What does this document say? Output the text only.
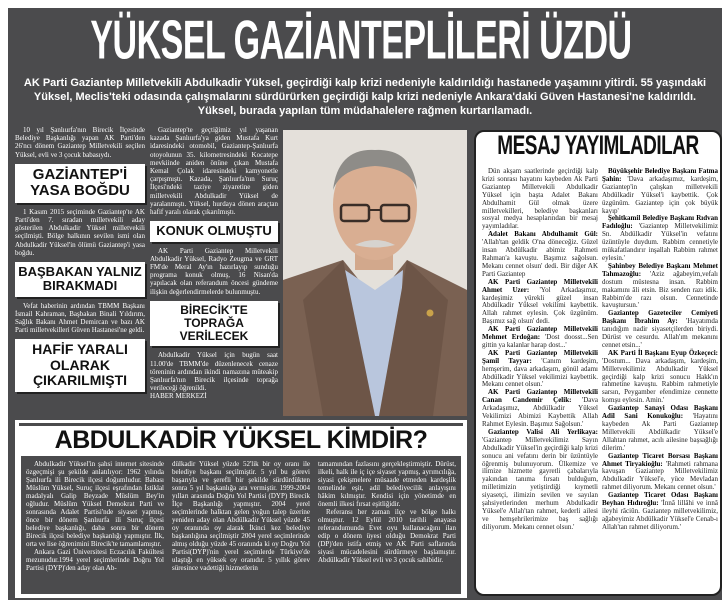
YÜKSEL GAZİANTEPLİLERİ ÜZDÜ

AK Parti Gaziantep Milletvekili Abdulkadir Yüksel, geçirdiği kalp krizi nedeniyle kaldırıldığı hastanede yaşamını yitirdi. 55 yaşındaki Yüksel, Meclis'teki odasında çalışmalarını sürdürürken geçirdiği kalp krizi nedeniyle Ankara'daki Güven Hastanesi'ne kaldırıldı. Yüksel, burada yapılan tüm müdahalelere rağmen kurtarılamadı.

10 yıl Şanlıurfa'nın Birecik İlçesinde Belediye Başkanlığı yapan AK Parti'den 26'ncı dönem Gaziantep Milletvekili seçilen Yüksel, evli ve 3 çocuk babasıydı.

GAZİANTEP'İ YASA BOĞDU

1 Kasım 2015 seçiminde Gaziantep'te AK Parti'den 7. sıradan milletvekili aday gösterilen Abdulkadir Yüksel milletvekili seçilmişti. Bölge halkının sevilen ismi olan Abdulkadir Yüksel'in ölümü Gaziantep'i yasa boğdu.

BAŞBAKAN YALNIZ BIRAKMADI

Vefat haberinin ardından TBMM Başkanı İsmail Kahraman, Başbakan Binali Yıldırım, Sağlık Bakanı Ahmet Demircan ve bazı AK Parti milletvekilleri Güven Hastanesi'ne geldi.

HAFİF YARALI OLARAK ÇIKARILMIŞTI

Gaziantep'te geçtiğimiz yıl yaşanan kazada Şanlıurfa'ya giden Mustafa Kurt idaresindeki otomobil, Gaziantep-Şanlıurfa otoyolunun 35. kilometresindeki Kocatepe mevkiinde aniden önüne çıkan Mustafa Kemal Çolak idaresindeki kamyonetle çarpışmıştı. Kazada, Şanlıurfa'nın Suruç İlçesi'ndeki taziye ziyaretine giden milletvekili Abdulkadir Yüksel de yaralanmıştı. Yüksel, hurdaya dönen araçtan hafif yaralı olarak çıkarılmıştı.

KONUK OLMUŞTU

AK Parti Gaziantep Milletvekili Abdulkadir Yüksel, Radyo Zeugma ve GRT FM'de Meral Ay'ın hazırlayıp sunduğu programa konuk olmuş, 16 Nisan'da yapılacak olan referandum öncesi gündeme ilişkin değerlendirmelerde bulunmuştu.

BİRECİK'TE TOPRAĞA VERİLECEK

Abdulkadir Yüksel için bugün saat 11.00'de TBMM'de düzenlenecek cenaze töreninin ardından ikindi namazına müteakip Şanlıurfa'nın Birecik ilçesinde toprağa verileceği öğrenildi.

HABER MERKEZİ

MESAJ YAYIMLADILAR

Dün akşam saatlerinde geçirdiği kalp krizi sonrası hayatını kaybeden Ak Parti Gaziantep Milletvekili Abdulkadir Yüksel için başta Adalet Bakanı Abdulhamit Gül olmak üzere milletvekilleri, belediye başkanları sosyal medya hesaplarından bir mesaj yayımladılar.

Adalet Bakanı Abdulhamit Gül: 'Allah'tan geldik O'na döneceğiz. Güzel insan Abdülkadir abimiz Rahmeti Rahman'a kavuştu. Başımız sağolsun. Mekanı cennet olsun' dedi. Bir diğer AK Parti Gaziantep

AK Parti Gaziantep Milletvekili Ahmet Uzer: 'Yol Arkadaşımız, kardeşimiz yürekli güzel insan Abdülkadir Yüksel vekilimi kaybettik. Allah rahmet eylesin. Çok üzgünüm. Başımız sağ olsun' dedi.

AK Parti Gaziantep Milletvekili Mehmet Erdoğan: 'Dost doosst...Sen gittin ya kalanlar harap dost...'

AK Parti Gaziantep Milletvekili Şamil Tayyar: 'Canım kardeşim, hemşerim, dava arkadaşım, gönül adamı Abdülkadir Yüksel vekilimizi kaybettik. Mekanı cennet olsun.'

AK Parti Gaziantep Milletvekili Canan Candemir Çelik: 'Dava Arkadaşımız, Abdülkadir Yüksel Vekilimizi Abimizi Kaybettik Allah Rahmet Eylesin. Başımız Sağolsun.'

Gaziantep Valisi Ali Yerlikaya: 'Gaziantep Milletvekilimiz Sayın Abdulkadir Yüksel'in geçirdiği kalp krizi sonucu ani vefatını derin bir üzüntüyle öğrenmiş bulunuyorum. Ülkemize ve ilimize hizmette gayretli çabalarıyla yakından tanıma fırsatı bulduğum, milletimizin yetiştirdiği kıymetli siyasetçi, ilimizin sevilen ve sayılan şahsiyetlerinden merhum Abdulkadir Yüksel'e Allah'tan rahmet, kederli ailesi ve hemşehrilerimize baş sağlığı diliyorum. Mekanı cennet olsun.'

Büyükşehir Belediye Başkanı Fatma Şahin: 'Dava arkadaşımız, kardeşim, Gaziantep'in çalışkan milletvekili Abdülkadir Yüksel'i kaybettik. Çok üzgünüm. Gaziantep için çok büyük kayıp'

Şehitkamil Belediye Başkanı Rıdvan Fadıloğlu: 'Gaziantep Milletvekilimiz Sn. Abdülkadir Yüksel'in vefatını üzüntüyle duydum. Rabbim cennetiyle mükafatlandırır inşallah Rabbim rahmet eylesin.'

Şahinbey Belediye Başkanı Mehmet Tahmazoğlu: 'Aziz ağabeyim,vefalı dostum müstesna insan. Rabbim makamını âli etsin. Biz senden razı idik. Rabbim'de razı olsun. Cennetinde kavuştursun.'

Gaziantep Gazeteciler Cemiyeti Başkanı İbrahim Ay: 'Hayatımda tanıdığım nadir siyasetçilerden biriydi. Dürüst ve cesurdu. Allah'ım mekanını cennet etsin...'

AK Parti İl Başkanı Eyup Özkeçeci: 'Dostum... Dava arkadaşım, kardeşim, Milletvekilimiz Abdulkadir Yüksel geçirdiği kalp krizi sonucu Hakk'ın rahmetine kavuştu. Rabbim rahmetiyle sarsın, Peygamber efendimize cennette komşu eylesin. Amin.'

Gaziantep Sanayi Odası Başkanı Adil Sani Konukoğlu: 'Hayatını kaybeden Ak Parti Gaziantep Milletvekili Abdülkadir Yüksel'e Allahtan rahmet, acılı ailesine başsağlığı dilerim.'

Gaziantep Ticaret Borsası Başkanı Ahmet Tiryakioğlu: 'Rahmeti rahmana kavuşan Gaziantep Milletvekilimiz Abdulkadir Yüksel'e, yüce Mevladan rahmet diliyorum. Mekanı cennet olsun.'

Gaziantep Ticaret Odası Başkanı Beyhan Hıdıroğlu: 'İnnâ lillâhi ve innâ ileyhi râciûn. Gaziantep milletvekilimiz, ağabeyimiz Abdülkadir Yüksel'e Cenab-ı Allah'tan rahmet diliyorum.'

ABDULKADİR YÜKSEL KİMDİR?

Abdulkadir Yüksel'in şahsi internet sitesinde özgeçmişi şu şekilde anlatılıyor: 1962 yılında Şanlıurfa ili Birecik ilçesi doğumludur. Babası Müslüm Yüksel, Suruç ilçesi eşrafından İstiklal madalyalı Galip Beyzade Müslüm Bey'in oğludur. Müslüm Yüksel Demokrat Parti ve sonrasında Adalet Partisi'nde siyaset yapmış, önce bir dönem Şanlıurfa ili Suruç ilçesi belediye başkanlığı, daha sonra bir dönem Birecik ilçesi belediye başkanlığı yapmıştır. İlk, orta ve lise öğrenimini Birecik'te tamamlamıştır.

Ankara Gazi Üniversitesi Eczacılık Fakültesi mezunudur.1994 yerel seçimlerinde Doğru Yol Partisi (DYP)'den aday olan Ab-

dülkadir Yüksel yüzde 52'lik bir oy oranı ile belediye başkanı seçilmiştir. 5 yıl bu görevi başarıyla ve şerefli bir şekilde sürdürdükten sonra 5 yıl başkanlığa ara vermiştir. 1999-2004 yılları arasında Doğru Yol Partisi (DYP) Birecik İlçe Başkanlığı yapmıştır. 2004 yerel seçimlerinde halktan gelen yoğun talep üzerine yeniden aday olan Abdülkadir Yüksel yüzde 45 oy oranında oy alarak İkinci kez belediye başkanlığına seçilmiştir 2004 yerel seçimlerinde almış olduğu yüzde 45 oranında ki oy Doğru Yol Partisi(DYP)'nin yerel seçimlerde Türkiye'de ulaştığı en yüksek oy oranıdır. 5 yıllık görev süresince vadettiği hizmetlerin

tamamından fazlasını gerçekleştirmiştir. Dürüst, ilkeli, halk ile iç içe siyaset yapmış, ayrımcılığa, siyasi çekişmelere müsaade etmeden kardeşlik temelinde eşit, adil belediyecilik anlayışını hâkim kılmıştır. Kendisi için yönetimde en önemli ilkesi fırsat eşitliğidir.

Referansı her zaman ilçe ve bölge halkı olmuştur. 12 Eylül 2010 tarihli anayasa referandumunda Evet oyu kullanacağını ilan edip o dönem üyesi olduğu Demokrat Parti (DP)'den istifa etmiş ve AK Parti saflarında siyasi mücadelesini sürdürmeye başlamıştır. Abdülkadir Yüksel evli ve 3 çocuk sahibidir.
